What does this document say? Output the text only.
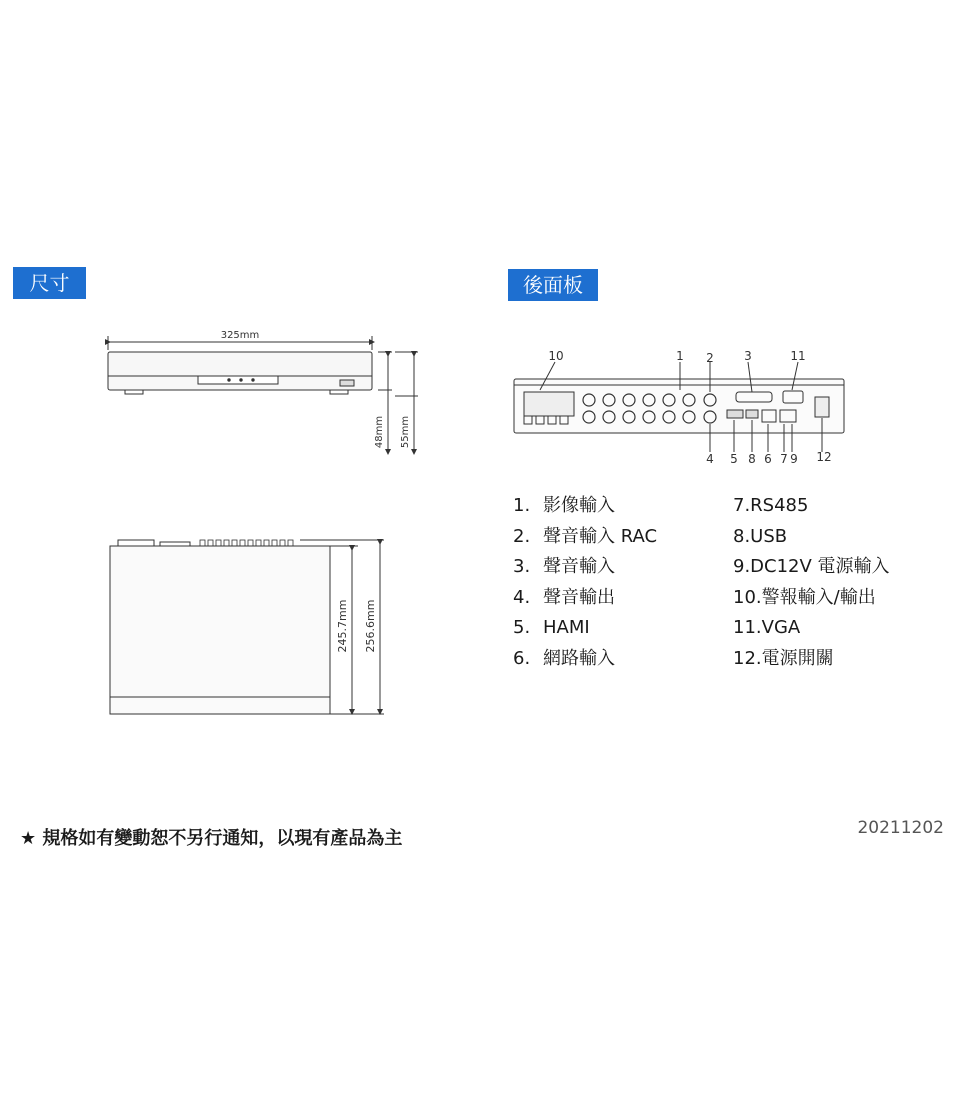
尺寸	後面板
325mm
48mm 55mm
245.7mm 256.6mm
10	1 2	3	11
4 5 8 6 7 9 12
1. 影像輸入
2. 聲音輸入 RAC
3. 聲音輸入
4. 聲音輸出
5. HAMI
6. 網路輸入
7.RS485
8.USB
9.DC12V 電源輸入
10.警報輸入/輸出
11.VGA
12.電源開關
★ 規格如有變動恕不另行通知，以現有產品為主	20211202
